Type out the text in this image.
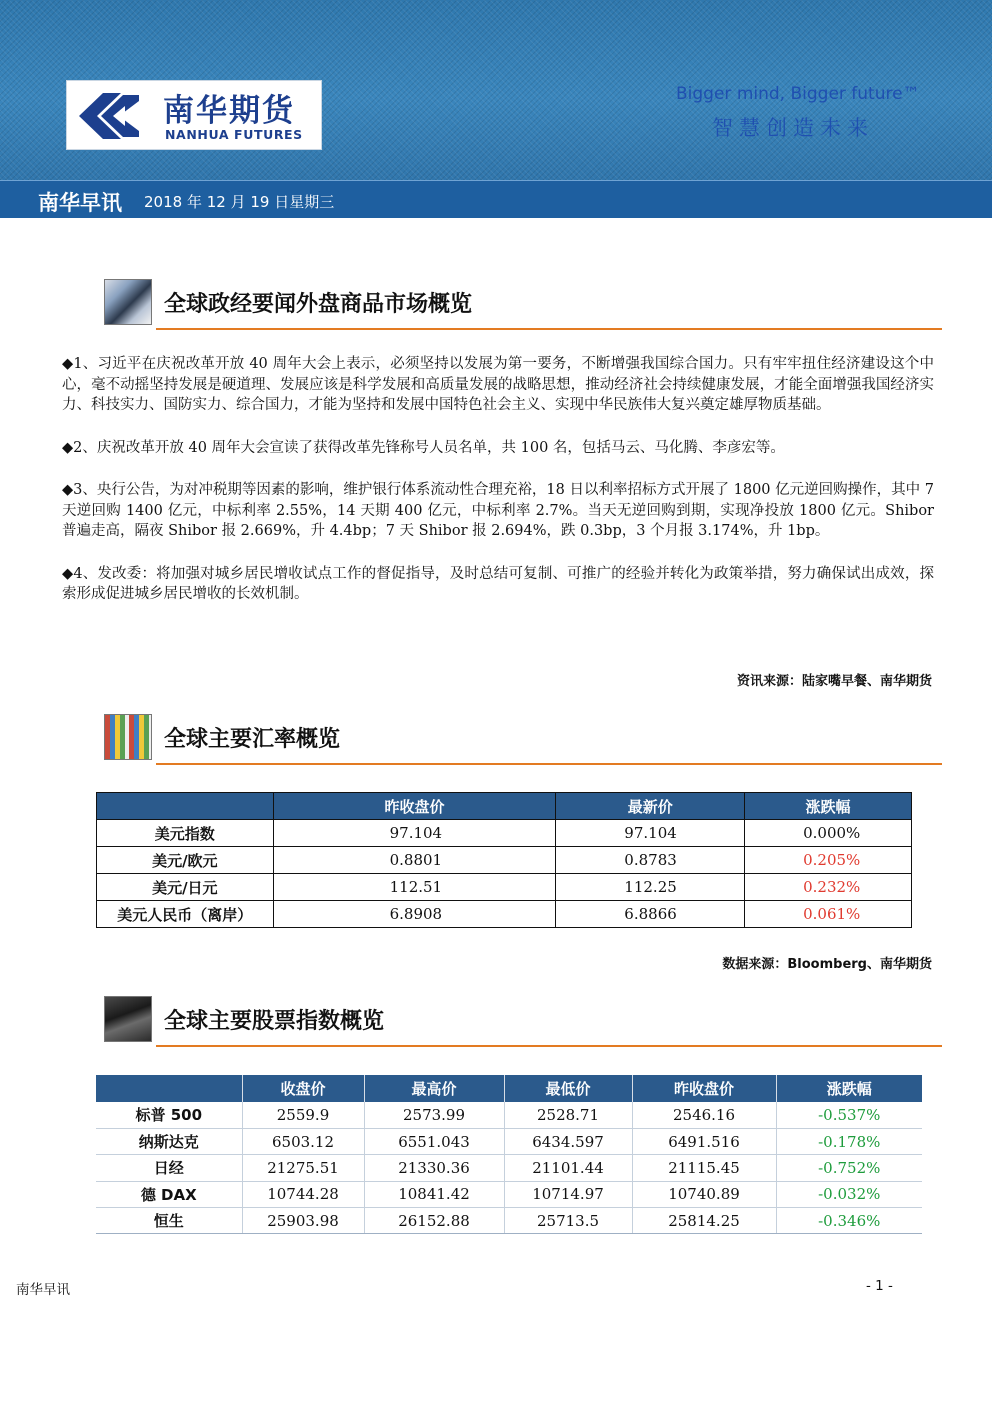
南华期货
NANHUA FUTURES
Bigger mind, Bigger future™
智慧创造未来
南华早讯 2018 年 12 月 19 日星期三
全球政经要闻外盘商品市场概览

◆1、习近平在庆祝改革开放 40 周年大会上表示，必须坚持以发展为第一要务，不断增强我国综合国力。只有牢牢扭住经济建设这个中心，毫不动摇坚持发展是硬道理、发展应该是科学发展和高质量发展的战略思想，推动经济社会持续健康发展，才能全面增强我国经济实力、科技实力、国防实力、综合国力，才能为坚持和发展中国特色社会主义、实现中华民族伟大复兴奠定雄厚物质基础。

◆2、庆祝改革开放 40 周年大会宣读了获得改革先锋称号人员名单，共 100 名，包括马云、马化腾、李彦宏等。

◆3、央行公告，为对冲税期等因素的影响，维护银行体系流动性合理充裕，18 日以利率招标方式开展了 1800 亿元逆回购操作，其中 7 天逆回购 1400 亿元，中标利率 2.55%，14 天期 400 亿元，中标利率 2.7%。当天无逆回购到期，实现净投放 1800 亿元。Shibor 普遍走高，隔夜 Shibor 报 2.669%，升 4.4bp；7 天 Shibor 报 2.694%，跌 0.3bp，3 个月报 3.174%，升 1bp。

◆4、发改委：将加强对城乡居民增收试点工作的督促指导，及时总结可复制、可推广的经验并转化为政策举措，努力确保试出成效，探索形成促进城乡居民增收的长效机制。

资讯来源：陆家嘴早餐、南华期货
全球主要汇率概览
	昨收盘价	最新价	涨跌幅
美元指数	97.104	97.104	0.000%
美元/欧元	0.8801	0.8783	0.205%
美元/日元	112.51	112.25	0.232%
美元人民币（离岸）	6.8908	6.8866	0.061%
数据来源：Bloomberg、南华期货
全球主要股票指数概览
	收盘价	最高价	最低价	昨收盘价	涨跌幅
标普 500	2559.9	2573.99	2528.71	2546.16	-0.537%
纳斯达克	6503.12	6551.043	6434.597	6491.516	-0.178%
日经	21275.51	21330.36	21101.44	21115.45	-0.752%
德 DAX	10744.28	10841.42	10714.97	10740.89	-0.032%
恒生	25903.98	26152.88	25713.5	25814.25	-0.346%
南华早讯	- 1 -
